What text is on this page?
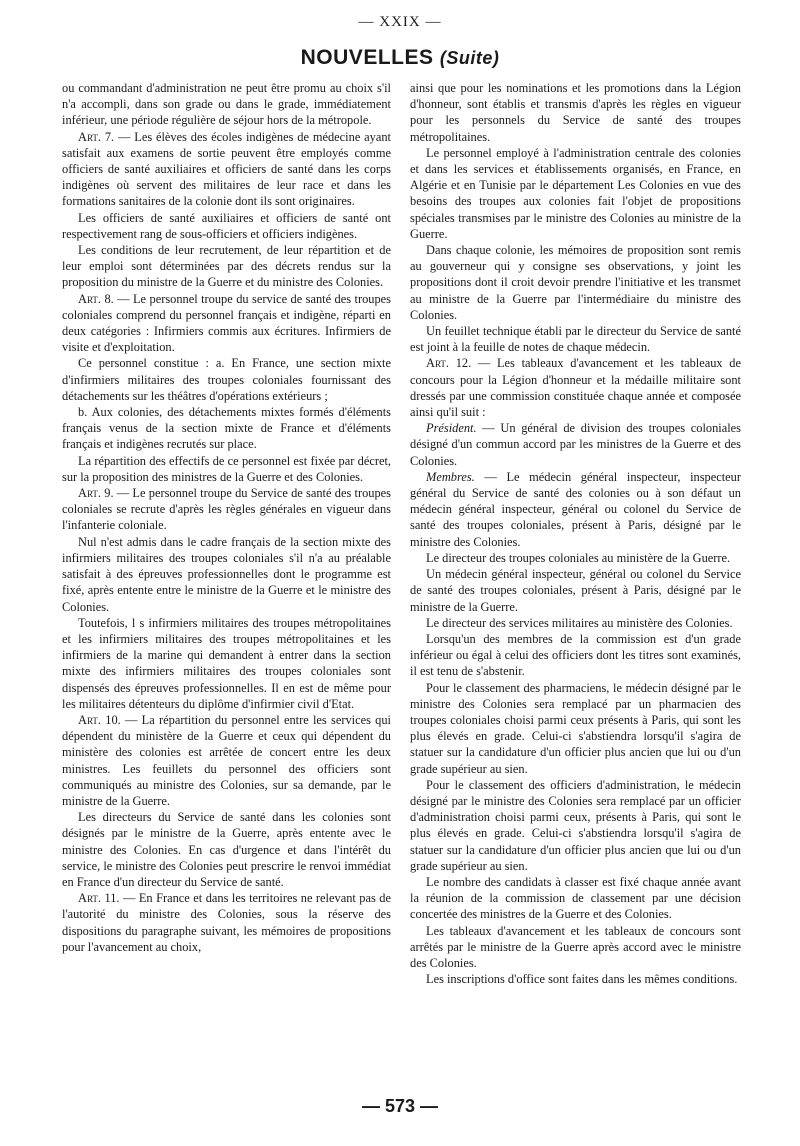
— XXIX —
NOUVELLES (Suite)

ou commandant d'administration ne peut être promu au choix s'il n'a accompli, dans son grade ou dans le grade, immédiatement inférieur, une période régulière de séjour hors de la métropole.

Art. 7. — Les élèves des écoles indigènes de médecine ayant satisfait aux examens de sortie peuvent être employés comme officiers de santé auxiliaires et officiers de santé dans les corps indigènes où servent des militaires de leur race et dans les formations sanitaires de la colonie dont ils sont originaires.

Les officiers de santé auxiliaires et officiers de santé ont respectivement rang de sous-officiers et officiers indigènes.

Les conditions de leur recrutement, de leur répartition et de leur emploi sont déterminées par des décrets rendus sur la proposition du ministre de la Guerre et du ministre des Colonies.

Art. 8. — Le personnel troupe du service de santé des troupes coloniales comprend du personnel français et indigène, réparti en deux catégories : Infirmiers commis aux écritures. Infirmiers de visite et d'exploitation.

Ce personnel constitue : a. En France, une section mixte d'infirmiers militaires des troupes coloniales fournissant des détachements sur les théâtres d'opérations extérieurs ;

b. Aux colonies, des détachements mixtes formés d'éléments français venus de la section mixte de France et d'éléments français et indigènes recrutés sur place.

La répartition des effectifs de ce personnel est fixée par décret, sur la proposition des ministres de la Guerre et des Colonies.

Art. 9. — Le personnel troupe du Service de santé des troupes coloniales se recrute d'après les règles générales en vigueur dans l'infanterie coloniale.

Nul n'est admis dans le cadre français de la section mixte des infirmiers militaires des troupes coloniales s'il n'a au préalable satisfait à des épreuves professionnelles dont le programme est fixé, après entente entre le ministre de la Guerre et le ministre des Colonies.

Toutefois, l s infirmiers militaires des troupes métropolitaines et les infirmiers militaires des troupes métropolitaines et les infirmiers de la marine qui demandent à entrer dans la section mixte des infirmiers militaires des troupes coloniales sont dispensés des épreuves professionnelles. Il en est de même pour les militaires détenteurs du diplôme d'infirmier civil d'Etat.

Art. 10. — La répartition du personnel entre les services qui dépendent du ministère de la Guerre et ceux qui dépendent du ministère des colonies est arrêtée de concert entre les deux ministres. Les feuillets du personnel des officiers sont communiqués au ministre des Colonies, sur sa demande, par le ministre de la Guerre.

Les directeurs du Service de santé dans les colonies sont désignés par le ministre de la Guerre, après entente avec le ministre des Colonies. En cas d'urgence et dans l'intérêt du service, le ministre des Colonies peut prescrire le renvoi immédiat en France d'un directeur du Service de santé.

Art. 11. — En France et dans les territoires ne relevant pas de l'autorité du ministre des Colonies, sous la réserve des dispositions du paragraphe suivant, les mémoires de propositions pour l'avancement au choix,

ainsi que pour les nominations et les promotions dans la Légion d'honneur, sont établis et transmis d'après les règles en vigueur pour les personnels du Service de santé des troupes métropolitaines.

Le personnel employé à l'administration centrale des colonies et dans les services et établissements organisés, en France, en Algérie et en Tunisie par le département Les Colonies en vue des besoins des troupes aux colonies fait l'objet de propositions spéciales transmises par le ministre des Colonies au ministre de la Guerre.

Dans chaque colonie, les mémoires de proposition sont remis au gouverneur qui y consigne ses observations, y joint les propositions dont il croit devoir prendre l'initiative et les transmet au ministre de la Guerre par l'intermédiaire du ministre des Colonies.

Un feuillet technique établi par le directeur du Service de santé est joint à la feuille de notes de chaque médecin.

Art. 12. — Les tableaux d'avancement et les tableaux de concours pour la Légion d'honneur et la médaille militaire sont dressés par une commission constituée chaque année et composée ainsi qu'il suit :

Président. — Un général de division des troupes coloniales désigné d'un commun accord par les ministres de la Guerre et des Colonies.

Membres. — Le médecin général inspecteur, inspecteur général du Service de santé des colonies ou à son défaut un médecin général inspecteur, général ou colonel du Service de santé des troupes coloniales, présent à Paris, désigné par le ministre des Colonies.

Le directeur des troupes coloniales au ministère de la Guerre.

Un médecin général inspecteur, général ou colonel du Service de santé des troupes coloniales, présent à Paris, désigné par le ministre de la Guerre.

Le directeur des services militaires au ministère des Colonies.

Lorsqu'un des membres de la commission est d'un grade inférieur ou égal à celui des officiers dont les titres sont examinés, il est tenu de s'abstenir.

Pour le classement des pharmaciens, le médecin désigné par le ministre des Colonies sera remplacé par un pharmacien des troupes coloniales choisi parmi ceux présents à Paris, qui sont les plus élevés en grade. Celui-ci s'abstiendra lorsqu'il s'agira de statuer sur la candidature d'un officier plus ancien que lui ou d'un grade supérieur au sien.

Pour le classement des officiers d'administration, le médecin désigné par le ministre des Colonies sera remplacé par un officier d'administration choisi parmi ceux, présents à Paris, qui sont le plus élevés en grade. Celui-ci s'abstiendra lorsqu'il s'agira de statuer sur la candidature d'un officier plus ancien que lui ou d'un grade supérieur au sien.

Le nombre des candidats à classer est fixé chaque année avant la réunion de la commission de classement par une décision concertée des ministres de la Guerre et des Colonies.

Les tableaux d'avancement et les tableaux de concours sont arrêtés par le ministre de la Guerre après accord avec le ministre des Colonies.

Les inscriptions d'office sont faites dans les mêmes conditions.

— 573 —
